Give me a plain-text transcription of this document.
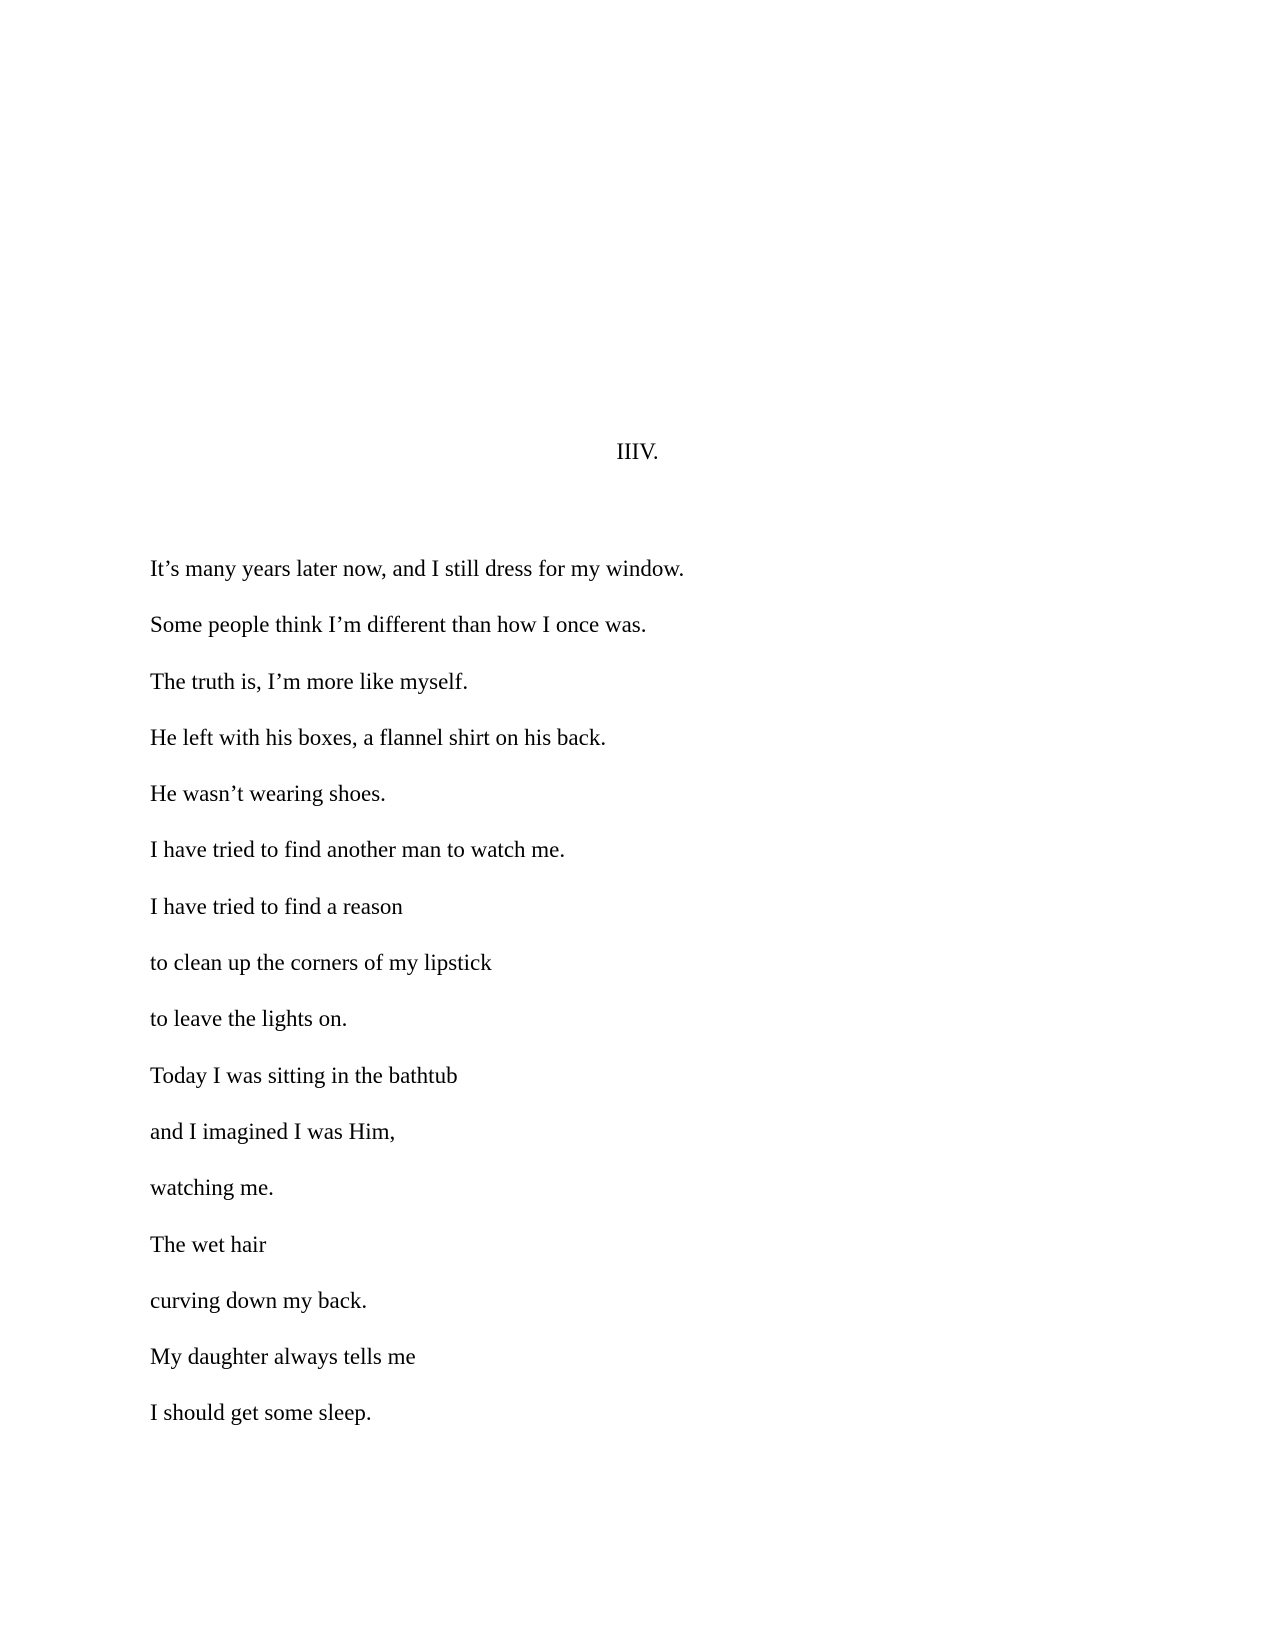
IIIV.
It’s many years later now, and I still dress for my window.
Some people think I’m different than how I once was.
The truth is, I’m more like myself.
He left with his boxes, a flannel shirt on his back.
He wasn’t wearing shoes.
I have tried to find another man to watch me.
I have tried to find a reason
to clean up the corners of my lipstick
to leave the lights on.
Today I was sitting in the bathtub
and I imagined I was Him,
watching me.
The wet hair
curving down my back.
My daughter always tells me
I should get some sleep.
